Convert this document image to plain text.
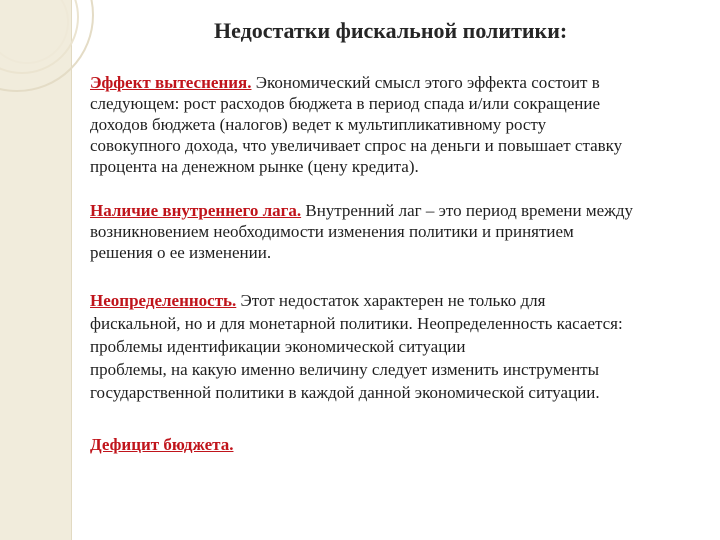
Недостатки фискальной политики:

Эффект вытеснения. Экономический смысл этого эффекта состоит в
следующем: рост расходов бюджета в период спада и/или сокращение
доходов бюджета (налогов) ведет к мультипликативному росту
совокупного дохода, что увеличивает спрос на деньги и повышает ставку
процента на денежном рынке (цену кредита).

Наличие внутреннего лага. Внутренний лаг – это период времени между
возникновением необходимости изменения политики и принятием
решения о ее изменении.

Неопределенность. Этот недостаток характерен не только для
фискальной, но и для монетарной политики. Неопределенность касается:
проблемы идентификации экономической ситуации
проблемы, на какую именно величину следует изменить инструменты
государственной политики в каждой данной экономической ситуации.

Дефицит бюджета.
